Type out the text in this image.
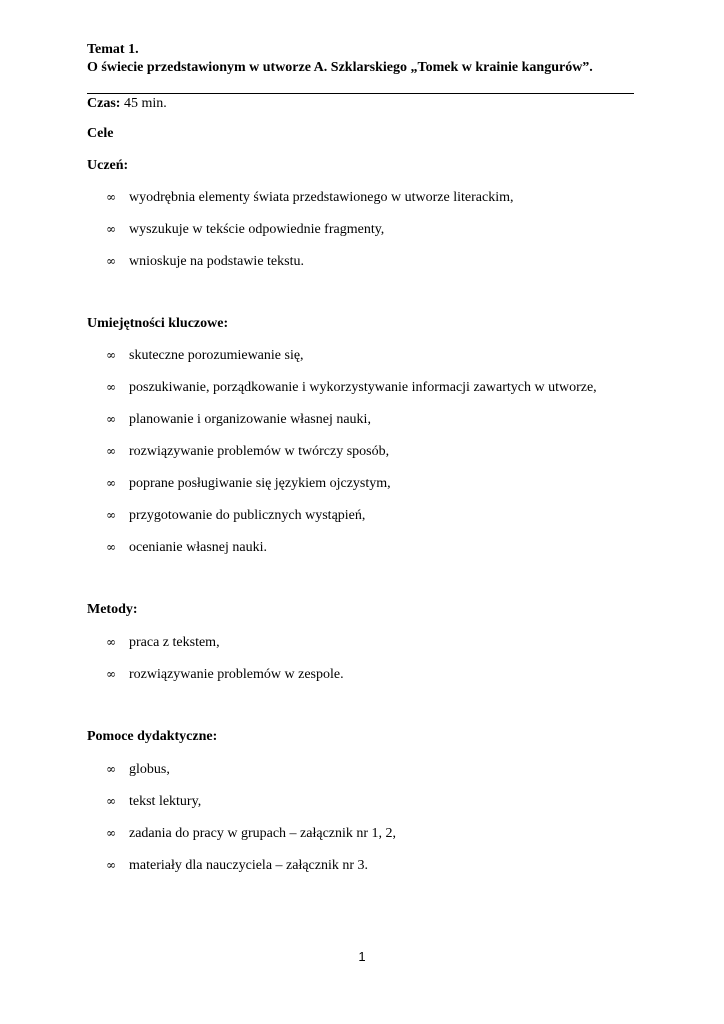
Temat 1.
O świecie przedstawionym w utworze A. Szklarskiego „Tomek w krainie kangurów”.
Czas: 45 min.
Cele
Uczeń:
∞ wyodrębnia elementy świata przedstawionego w utworze literackim,
∞ wyszukuje w tekście odpowiednie fragmenty,
∞ wnioskuje na podstawie tekstu.
Umiejętności kluczowe:
∞ skuteczne porozumiewanie się,
∞ poszukiwanie, porządkowanie i wykorzystywanie informacji zawartych w utworze,
∞ planowanie i organizowanie własnej nauki,
∞ rozwiązywanie problemów w twórczy sposób,
∞ poprane posługiwanie się językiem ojczystym,
∞ przygotowanie do publicznych wystąpień,
∞ ocenianie własnej nauki.
Metody:
∞ praca z tekstem,
∞ rozwiązywanie problemów w zespole.
Pomoce dydaktyczne:
∞ globus,
∞ tekst lektury,
∞ zadania do pracy w grupach – załącznik nr 1, 2,
∞ materiały dla nauczyciela – załącznik nr 3.
1
